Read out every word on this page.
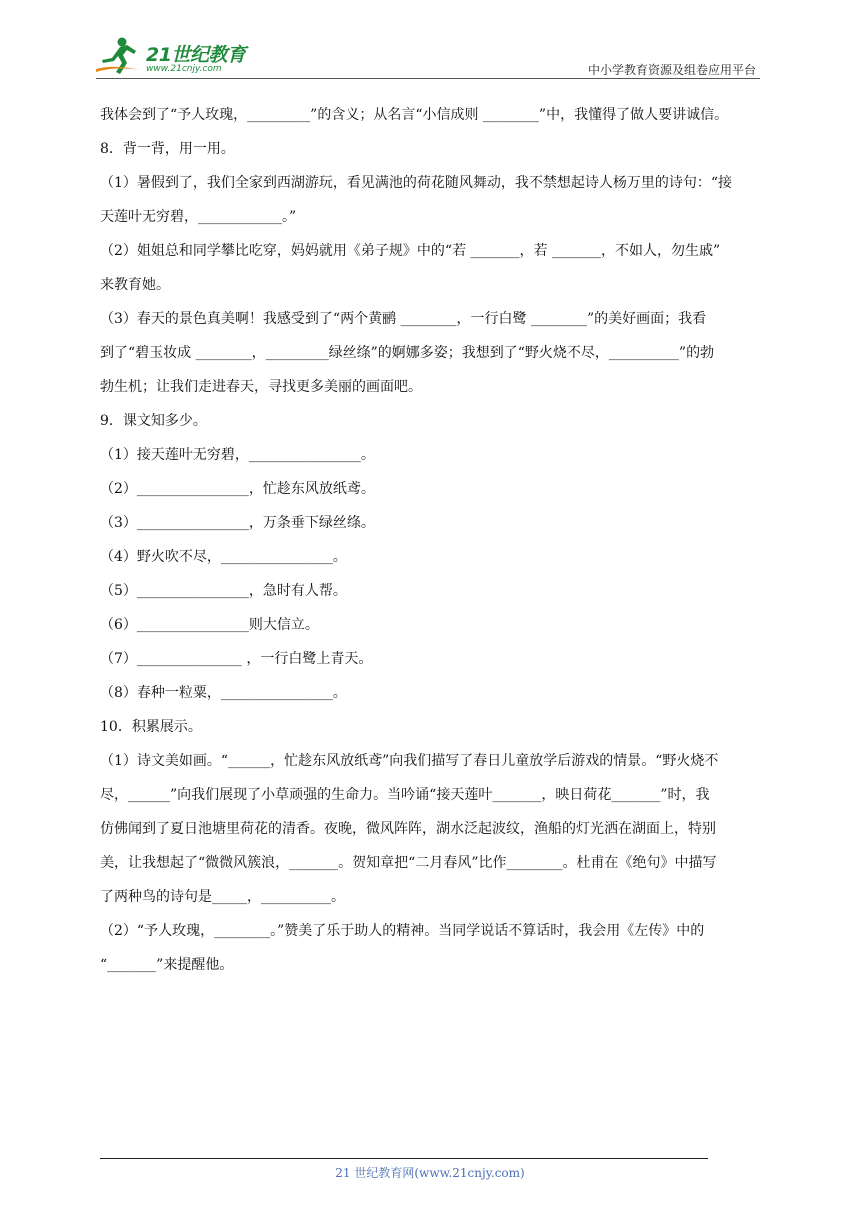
21世纪教育
www.21cnjy.com	中小学教育资源及组卷应用平台
我体会到了“予人玫瑰，_________”的含义；从名言“小信成则 ________”中，我懂得了做人要讲诚信。
8．背一背，用一用。
（1）暑假到了，我们全家到西湖游玩，看见满池的荷花随风舞动，我不禁想起诗人杨万里的诗句：“接
天莲叶无穷碧，____________。”
（2）姐姐总和同学攀比吃穿，妈妈就用《弟子规》中的“若 _______，若 _______，不如人，勿生戚”
来教育她。
（3）春天的景色真美啊！我感受到了“两个黄鹂 ________，一行白鹭 ________”的美好画面；我看
到了“碧玉妆成 ________，_________绿丝绦”的婀娜多姿；我想到了“野火烧不尽，__________”的勃
勃生机；让我们走进春天，寻找更多美丽的画面吧。
9．课文知多少。
（1）接天莲叶无穷碧，________________。
（2）________________，忙趁东风放纸鸢。
（3）________________，万条垂下绿丝绦。
（4）野火吹不尽，________________。
（5）________________，急时有人帮。
（6）________________则大信立。
（7）_______________ ，一行白鹭上青天。
（8）春种一粒粟，________________。
10．积累展示。
（1）诗文美如画。“______，忙趁东风放纸鸢”向我们描写了春日儿童放学后游戏的情景。“野火烧不
尽，______”向我们展现了小草顽强的生命力。当吟诵“接天莲叶_______，映日荷花_______”时，我
仿佛闻到了夏日池塘里荷花的清香。夜晚，微风阵阵，湖水泛起波纹，渔船的灯光洒在湖面上，特别
美，让我想起了“微微风簇浪，_______。贺知章把“二月春风”比作________。杜甫在《绝句》中描写
了两种鸟的诗句是_____，__________。
（2）“予人玫瑰，________。”赞美了乐于助人的精神。当同学说话不算话时，我会用《左传》中的
“_______”来提醒他。
21 世纪教育网(www.21cnjy.com)
